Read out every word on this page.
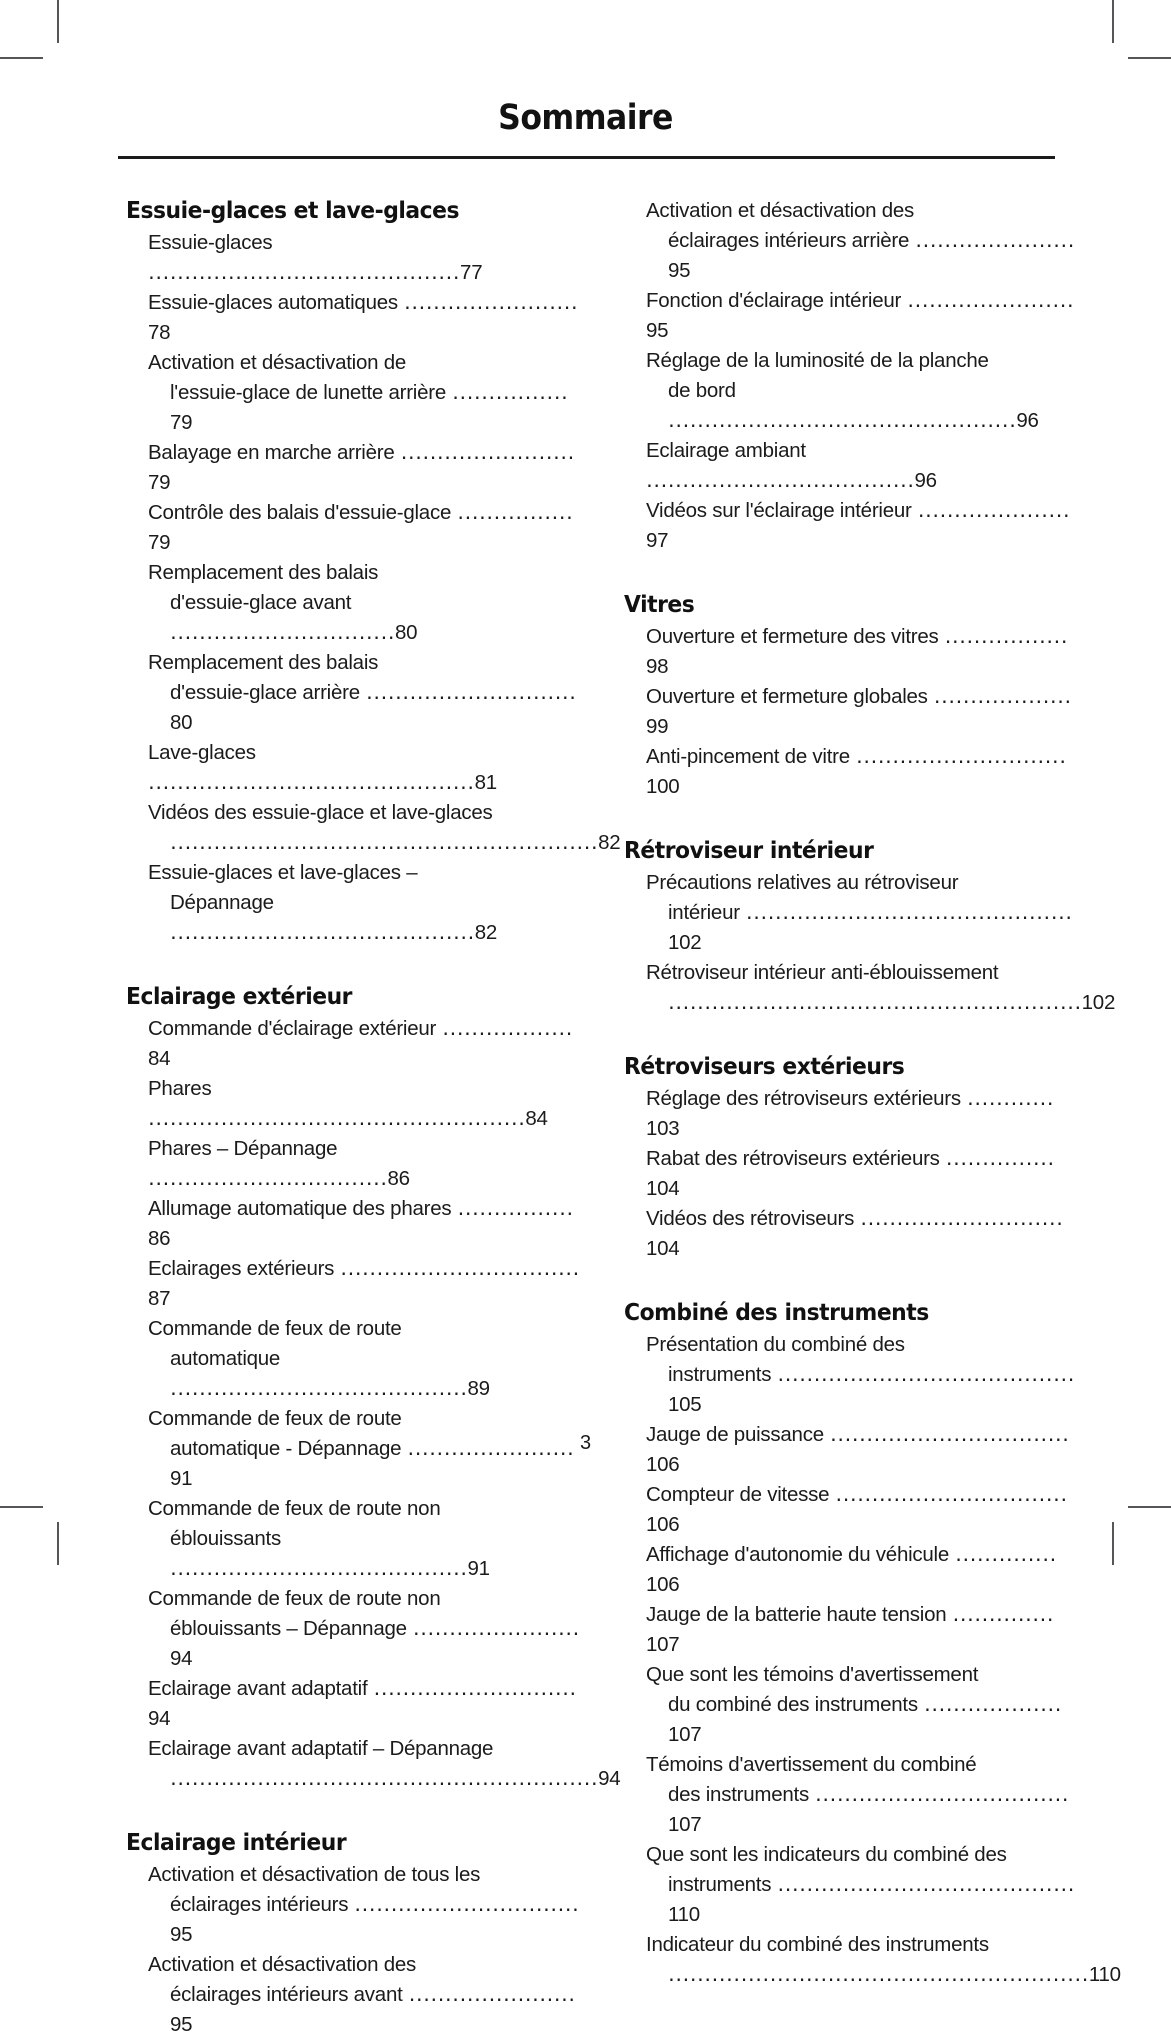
Sommaire
Essuie-glaces et lave-glaces
Essuie-glaces ․․․․․․․․․․․․․․․․․․․․․․․․․․․․․․․․․․․․․․․․․․․77
Essuie-glaces automatiques ․․․․․․․․․․․․․․․․․․․․․․․․78
Activation et désactivation de
l'essuie-glace de lunette arrière ․․․․․․․․․․․․․․․․79
Balayage en marche arrière ․․․․․․․․․․․․․․․․․․․․․․․․79
Contrôle des balais d'essuie-glace ․․․․․․․․․․․․․․․․79
Remplacement des balais
d'essuie-glace avant ․․․․․․․․․․․․․․․․․․․․․․․․․․․․․․․80
Remplacement des balais
d'essuie-glace arrière ․․․․․․․․․․․․․․․․․․․․․․․․․․․․․80
Lave-glaces ․․․․․․․․․․․․․․․․․․․․․․․․․․․․․․․․․․․․․․․․․․․․․81
Vidéos des essuie-glace et lave-glaces
․․․․․․․․․․․․․․․․․․․․․․․․․․․․․․․․․․․․․․․․․․․․․․․․․․․․․․․․․․․82
Essuie-glaces et lave-glaces –
Dépannage ․․․․․․․․․․․․․․․․․․․․․․․․․․․․․․․․․․․․․․․․․․82
Eclairage extérieur
Commande d'éclairage extérieur ․․․․․․․․․․․․․․․․․․84
Phares ․․․․․․․․․․․․․․․․․․․․․․․․․․․․․․․․․․․․․․․․․․․․․․․․․․․․84
Phares – Dépannage ․․․․․․․․․․․․․․․․․․․․․․․․․․․․․․․․․86
Allumage automatique des phares ․․․․․․․․․․․․․․․․86
Eclairages extérieurs ․․․․․․․․․․․․․․․․․․․․․․․․․․․․․․․․․87
Commande de feux de route
automatique ․․․․․․․․․․․․․․․․․․․․․․․․․․․․․․․․․․․․․․․․․89
Commande de feux de route
automatique - Dépannage ․․․․․․․․․․․․․․․․․․․․․․․91
Commande de feux de route non
éblouissants ․․․․․․․․․․․․․․․․․․․․․․․․․․․․․․․․․․․․․․․․․91
Commande de feux de route non
éblouissants – Dépannage ․․․․․․․․․․․․․․․․․․․․․․․94
Eclairage avant adaptatif ․․․․․․․․․․․․․․․․․․․․․․․․․․․․94
Eclairage avant adaptatif – Dépannage
․․․․․․․․․․․․․․․․․․․․․․․․․․․․․․․․․․․․․․․․․․․․․․․․․․․․․․․․․․․94
Eclairage intérieur
Activation et désactivation de tous les
éclairages intérieurs ․․․․․․․․․․․․․․․․․․․․․․․․․․․․․․․95
Activation et désactivation des
éclairages intérieurs avant ․․․․․․․․․․․․․․․․․․․․․․․95
Activation et désactivation des
éclairages intérieurs arrière ․․․․․․․․․․․․․․․․․․․․․․95
Fonction d'éclairage intérieur ․․․․․․․․․․․․․․․․․․․․․․․95
Réglage de la luminosité de la planche
de bord ․․․․․․․․․․․․․․․․․․․․․․․․․․․․․․․․․․․․․․․․․․․․․․․․96
Eclairage ambiant ․․․․․․․․․․․․․․․․․․․․․․․․․․․․․․․․․․․․․96
Vidéos sur l'éclairage intérieur ․․․․․․․․․․․․․․․․․․․․․97
Vitres
Ouverture et fermeture des vitres ․․․․․․․․․․․․․․․․․98
Ouverture et fermeture globales ․․․․․․․․․․․․․․․․․․․99
Anti-pincement de vitre ․․․․․․․․․․․․․․․․․․․․․․․․․․․․․100
Rétroviseur intérieur
Précautions relatives au rétroviseur
intérieur ․․․․․․․․․․․․․․․․․․․․․․․․․․․․․․․․․․․․․․․․․․․․․102
Rétroviseur intérieur anti-éblouissement
․․․․․․․․․․․․․․․․․․․․․․․․․․․․․․․․․․․․․․․․․․․․․․․․․․․․․․․․․102
Rétroviseurs extérieurs
Réglage des rétroviseurs extérieurs ․․․․․․․․․․․․103
Rabat des rétroviseurs extérieurs ․․․․․․․․․․․․․․․104
Vidéos des rétroviseurs ․․․․․․․․․․․․․․․․․․․․․․․․․․․․104
Combiné des instruments
Présentation du combiné des
instruments ․․․․․․․․․․․․․․․․․․․․․․․․․․․․․․․․․․․․․․․․․105
Jauge de puissance ․․․․․․․․․․․․․․․․․․․․․․․․․․․․․․․․․106
Compteur de vitesse ․․․․․․․․․․․․․․․․․․․․․․․․․․․․․․․․106
Affichage d'autonomie du véhicule ․․․․․․․․․․․․․․106
Jauge de la batterie haute tension ․․․․․․․․․․․․․․107
Que sont les témoins d'avertissement
du combiné des instruments ․․․․․․․․․․․․․․․․․․․107
Témoins d'avertissement du combiné
des instruments ․․․․․․․․․․․․․․․․․․․․․․․․․․․․․․․․․․․107
Que sont les indicateurs du combiné des
instruments ․․․․․․․․․․․․․․․․․․․․․․․․․․․․․․․․․․․․․․․․․110
Indicateur du combiné des instruments
․․․․․․․․․․․․․․․․․․․․․․․․․․․․․․․․․․․․․․․․․․․․․․․․․․․․․․․․․․110
3
